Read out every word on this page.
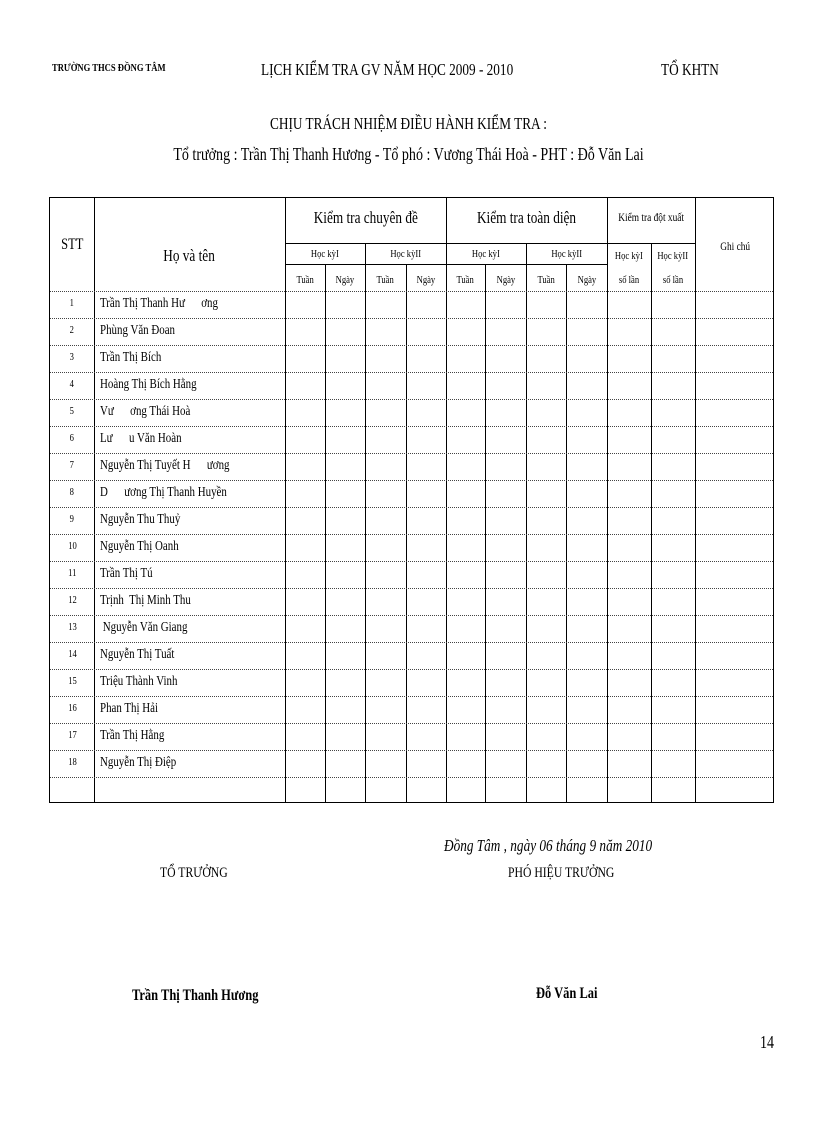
TRƯỜNG THCS ĐỒNG TÂM	LỊCH KIỂM TRA GV NĂM HỌC 2009 - 2010	TỔ KHTN
CHỊU TRÁCH NHIỆM ĐIỀU HÀNH KIỂM TRA :
Tổ trưởng : Trần Thị Thanh Hương - Tổ phó : Vương Thái Hoà - PHT : Đỗ Văn Lai
STT
Họ và tên
Kiểm tra chuyên đề	Kiểm tra toàn diện	Kiểm tra đột xuất
Ghi chú
Học kỳI	Học kỳII	Học kỳI	Học kỳII	Học kỳI	Học kỳII
Tuần	Ngày	Tuần	Ngày	Tuần	Ngày	Tuần	Ngày	số lần	số lần
1	Trần Thị Thanh Hư      ơng
2	Phùng Văn Đoan
3	Trần Thị Bích
4	Hoàng Thị Bích Hằng
5	Vư      ơng Thái Hoà
6	Lư      u Văn Hoàn
7	Nguyễn Thị Tuyết H      ương
8	D      ương Thị Thanh Huyền
9	Nguyễn Thu Thuỷ
10	Nguyễn Thị Oanh
11	Trần Thị Tú
12	Trịnh  Thị Minh Thu
13	Nguyễn Văn Giang
14	Nguyễn Thị Tuất
15	Triệu Thành Vinh
16	Phan Thị Hải
17	Trần Thị Hằng
18	Nguyễn Thị Điệp
Đồng Tâm , ngày 06 tháng 9 năm 2010
TỔ TRƯỞNG	PHÓ HIỆU TRƯỞNG
Trần Thị Thanh Hương	Đỗ Văn Lai
14
